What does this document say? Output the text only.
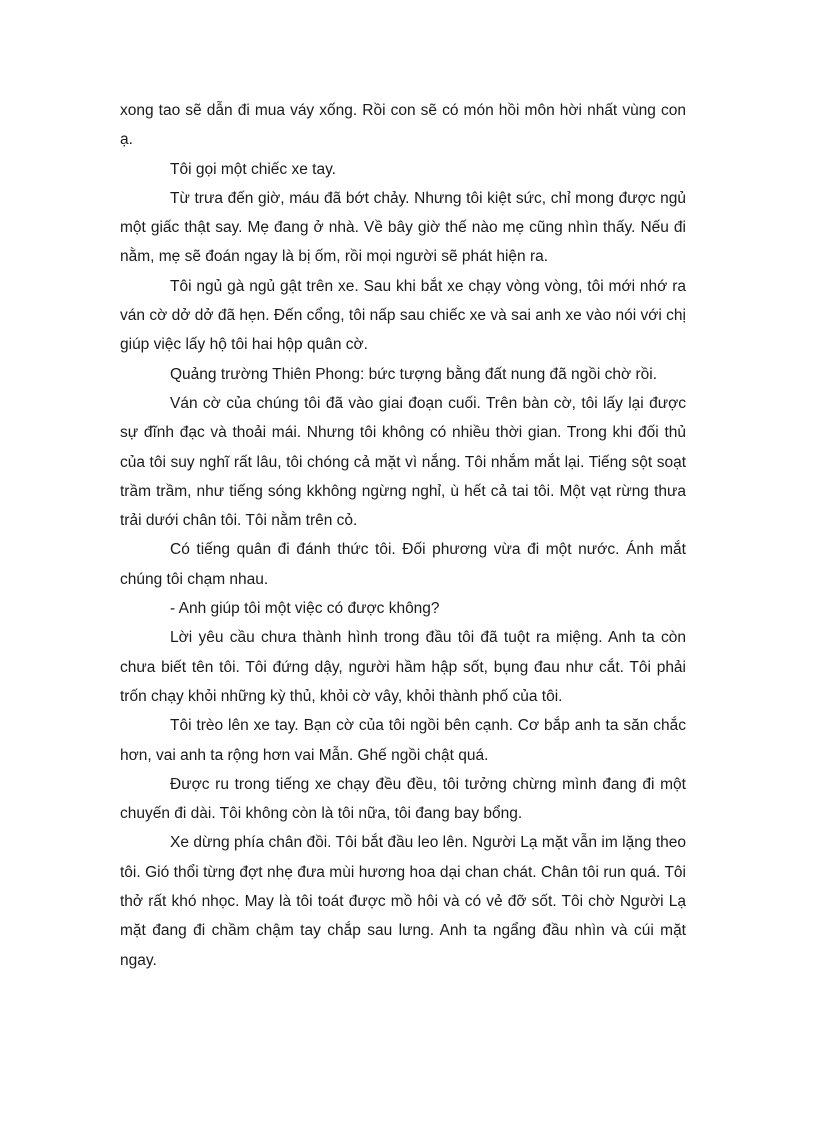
xong tao sẽ dẫn đi mua váy xống. Rồi con sẽ có món hồi môn hời nhất vùng con ạ.

Tôi gọi một chiếc xe tay.

Từ trưa đến giờ, máu đã bớt chảy. Nhưng tôi kiệt sức, chỉ mong được ngủ một giấc thật say. Mẹ đang ở nhà. Về bây giờ thế nào mẹ cũng nhìn thấy. Nếu đi nằm, mẹ sẽ đoán ngay là bị ốm, rồi mọi người sẽ phát hiện ra.

Tôi ngủ gà ngủ gật trên xe. Sau khi bắt xe chạy vòng vòng, tôi mới nhớ ra ván cờ dở dở đã hẹn. Đến cổng, tôi nấp sau chiếc xe và sai anh xe vào nói với chị giúp việc lấy hộ tôi hai hộp quân cờ.

Quảng trường Thiên Phong: bức tượng bằng đất nung đã ngồi chờ rồi.

Ván cờ của chúng tôi đã vào giai đoạn cuối. Trên bàn cờ, tôi lấy lại được sự đĩnh đạc và thoải mái. Nhưng tôi không có nhiều thời gian. Trong khi đối thủ của tôi suy nghĩ rất lâu, tôi chóng cả mặt vì nắng. Tôi nhắm mắt lại. Tiếng sột soạt trầm trầm, như tiếng sóng kkhông ngừng nghỉ, ù hết cả tai tôi. Một vạt rừng thưa trải dưới chân tôi. Tôi nằm trên cỏ.

Có tiếng quân đi đánh thức tôi. Đối phương vừa đi một nước. Ánh mắt chúng tôi chạm nhau.

- Anh giúp tôi một việc có được không?

Lời yêu cầu chưa thành hình trong đầu tôi đã tuột ra miệng. Anh ta còn chưa biết tên tôi. Tôi đứng dậy, người hầm hập sốt, bụng đau như cắt. Tôi phải trốn chạy khỏi những kỳ thủ, khỏi cờ vây, khỏi thành phố của tôi.

Tôi trèo lên xe tay. Bạn cờ của tôi ngồi bên cạnh. Cơ bắp anh ta săn chắc hơn, vai anh ta rộng hơn vai Mẫn. Ghế ngồi chật quá.

Được ru trong tiếng xe chạy đều đều, tôi tưởng chừng mình đang đi một chuyến đi dài. Tôi không còn là tôi nữa, tôi đang bay bổng.

Xe dừng phía chân đồi. Tôi bắt đầu leo lên. Người Lạ mặt vẫn im lặng theo tôi. Gió thổi từng đợt nhẹ đưa mùi hương hoa dại chan chát. Chân tôi run quá. Tôi thở rất khó nhọc. May là tôi toát được mồ hôi và có vẻ đỡ sốt. Tôi chờ Người Lạ mặt đang đi chầm chậm tay chắp sau lưng. Anh ta ngẩng đầu nhìn và cúi mặt ngay.
